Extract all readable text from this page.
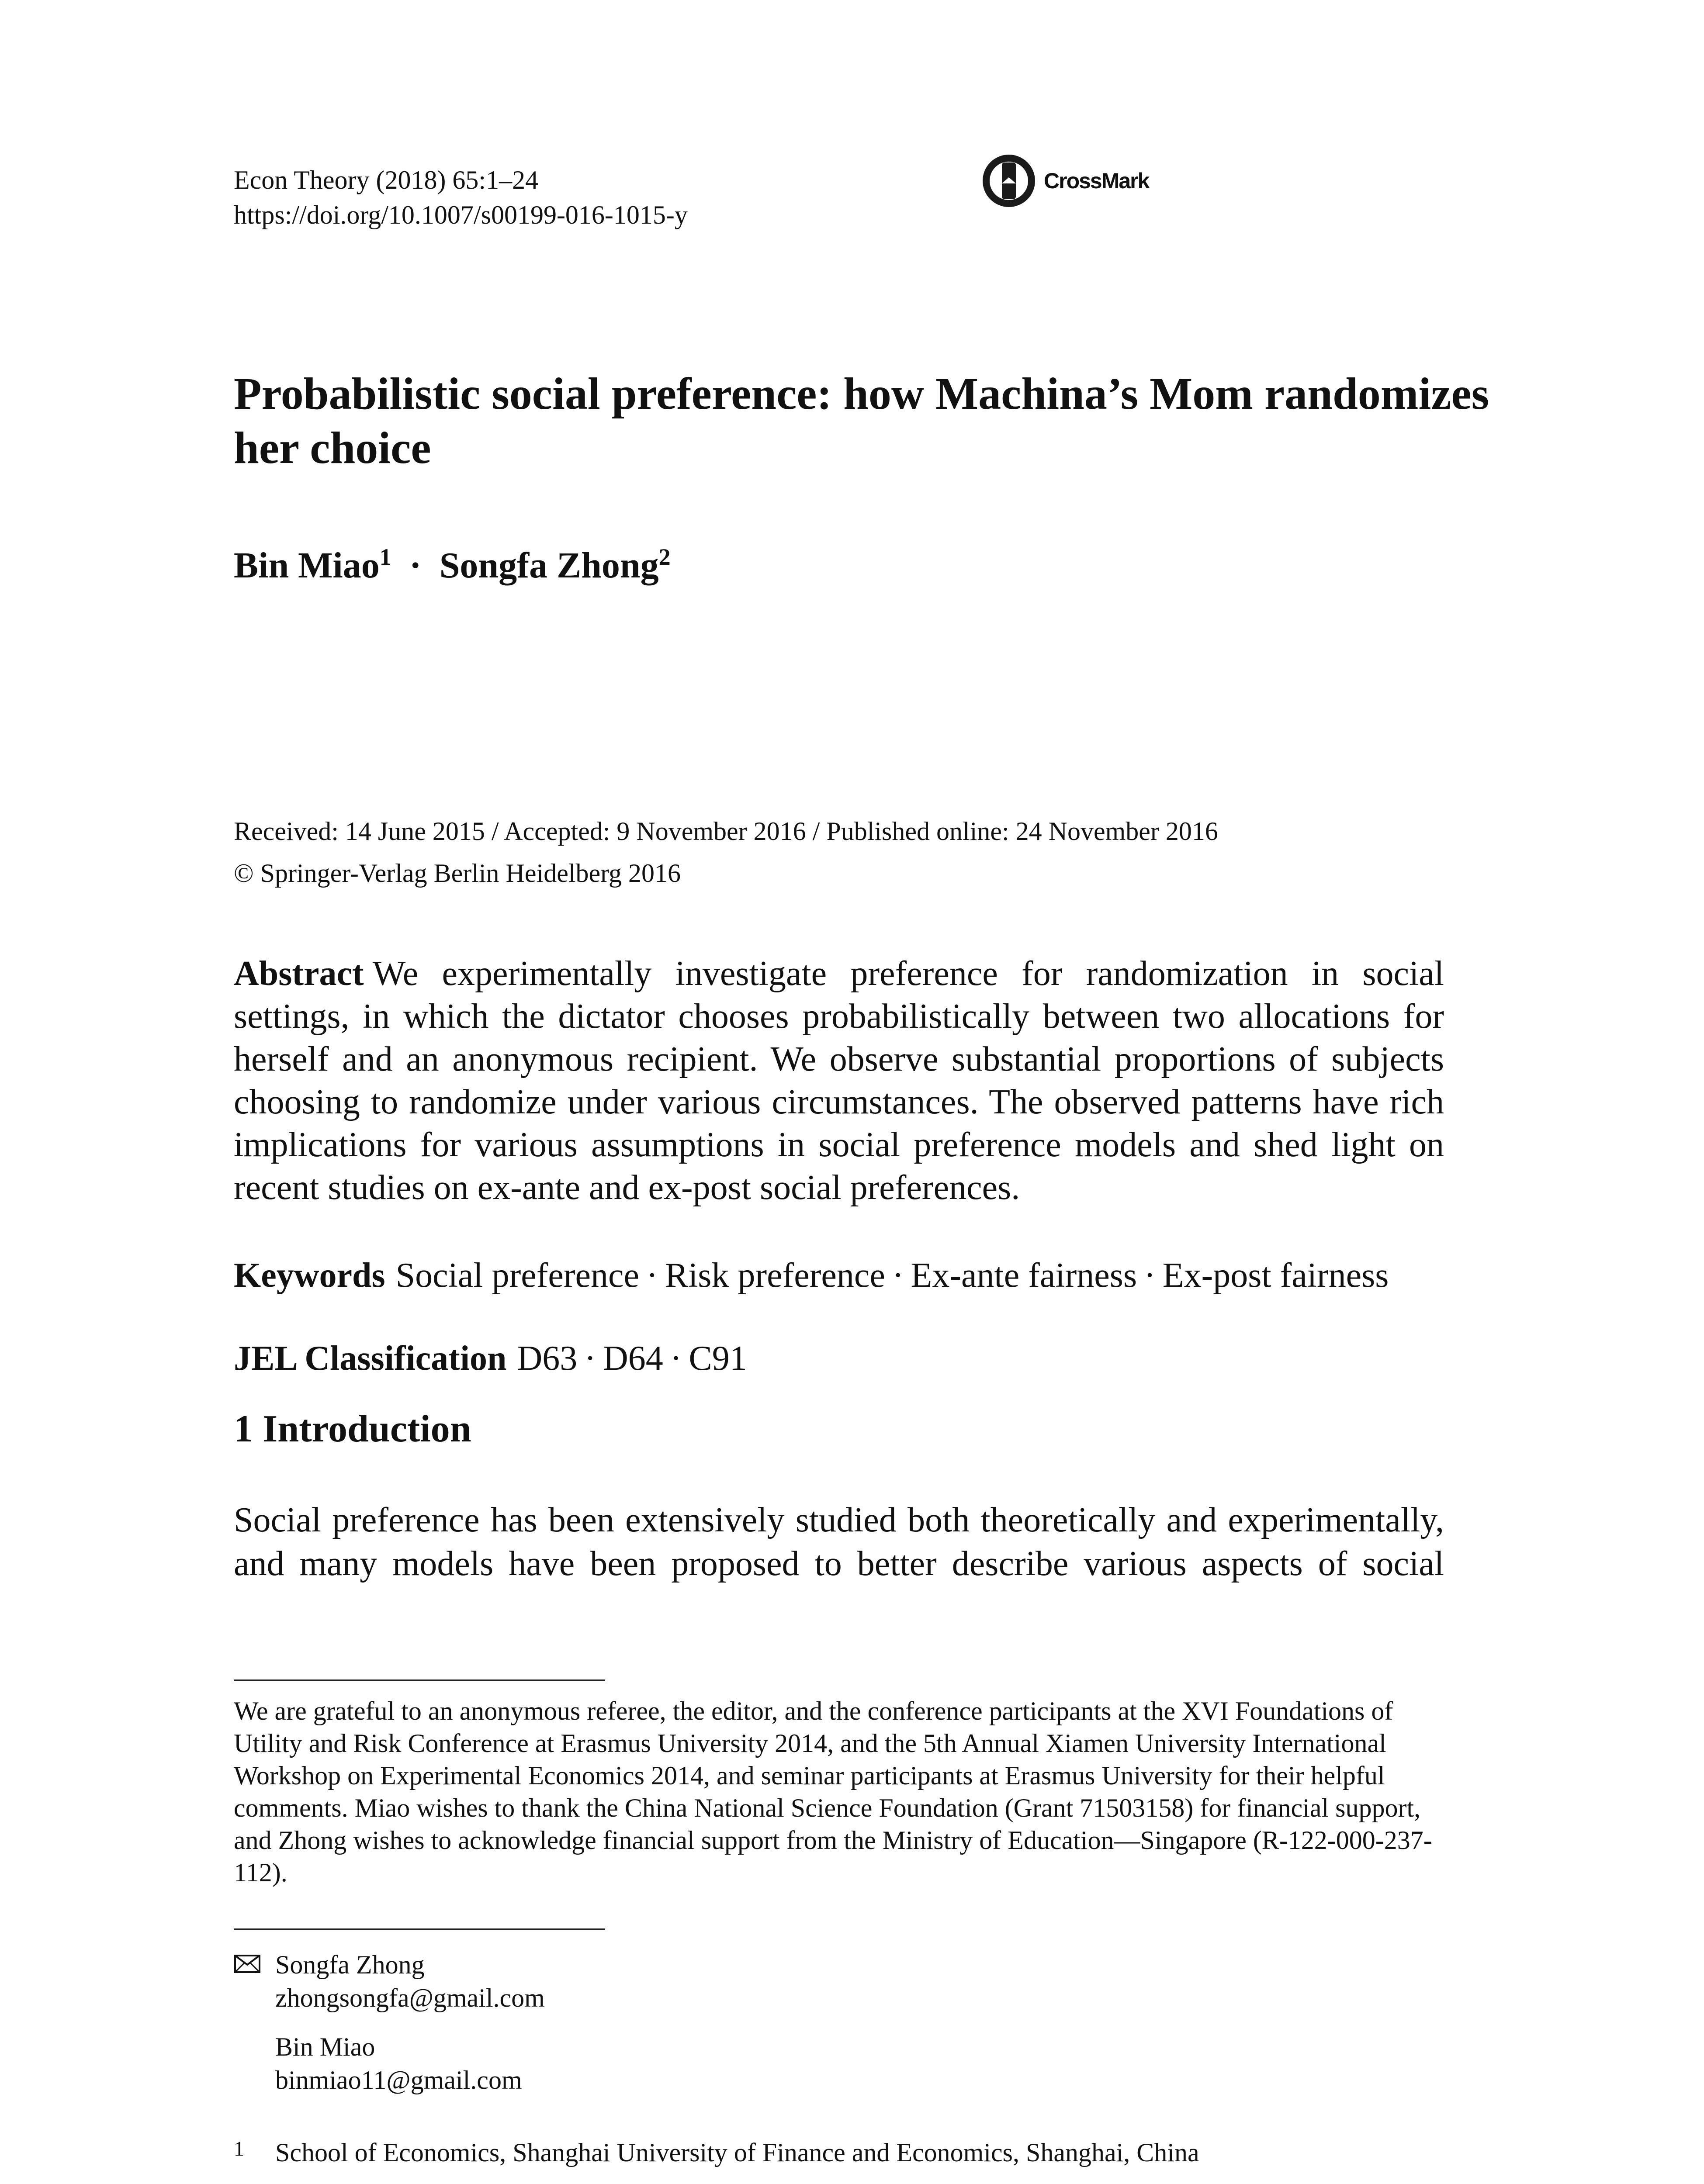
Econ Theory (2018) 65:1–24
https://doi.org/10.1007/s00199-016-1015-y
CrossMark
Probabilistic social preference: how Machina’s Mom randomizes her choice
Bin Miao$^1$ · Songfa Zhong$^2$
Received: 14 June 2015 / Accepted: 9 November 2016 / Published online: 24 November 2016
© Springer-Verlag Berlin Heidelberg 2016
Abstract We experimentally investigate preference for randomization in social settings, in which the dictator chooses probabilistically between two allocations for herself and an anonymous recipient. We observe substantial proportions of subjects choosing to randomize under various circumstances. The observed patterns have rich implications for various assumptions in social preference models and shed light on recent studies on ex-ante and ex-post social preferences.
Keywords Social preference · Risk preference · Ex-ante fairness · Ex-post fairness
JEL Classification D63 · D64 · C91
1 Introduction
Social preference has been extensively studied both theoretically and experimentally, and many models have been proposed to better describe various aspects of social
We are grateful to an anonymous referee, the editor, and the conference participants at the XVI Foundations of Utility and Risk Conference at Erasmus University 2014, and the 5th Annual Xiamen University International Workshop on Experimental Economics 2014, and seminar participants at Erasmus University for their helpful comments. Miao wishes to thank the China National Science Foundation (Grant 71503158) for financial support, and Zhong wishes to acknowledge financial support from the Ministry of Education—Singapore (R-122-000-237-112).
Songfa Zhong
zhongsongfa@gmail.com
Bin Miao
binmiao11@gmail.com
1	School of Economics, Shanghai University of Finance and Economics, Shanghai, China
